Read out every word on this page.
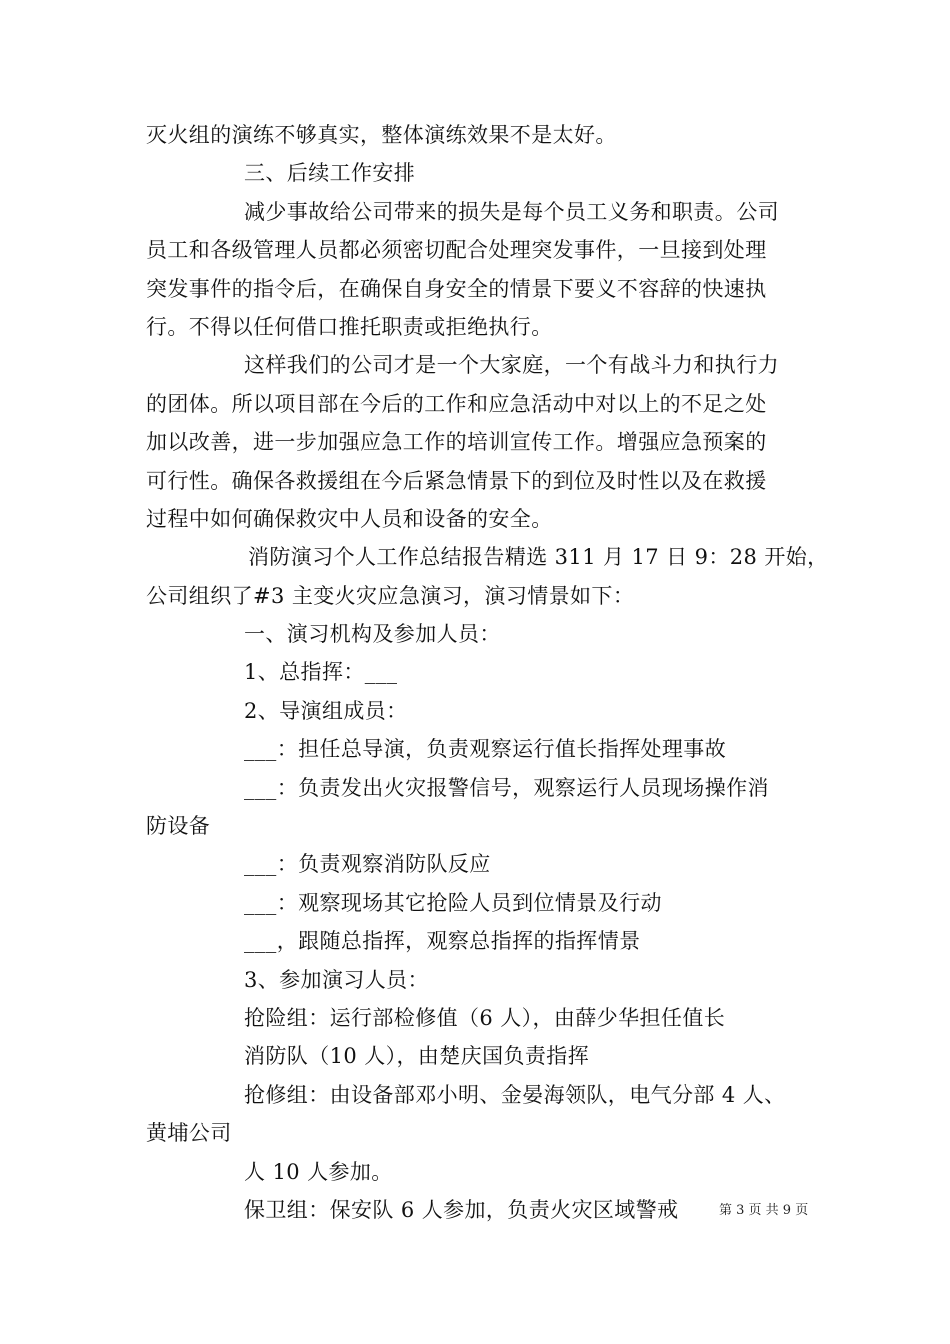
灭火组的演练不够真实，整体演练效果不是太好。
三、后续工作安排
减少事故给公司带来的损失是每个员工义务和职责。公司
员工和各级管理人员都必须密切配合处理突发事件，一旦接到处理
突发事件的指令后，在确保自身安全的情景下要义不容辞的快速执
行。不得以任何借口推托职责或拒绝执行。
这样我们的公司才是一个大家庭，一个有战斗力和执行力
的团体。所以项目部在今后的工作和应急活动中对以上的不足之处
加以改善，进一步加强应急工作的培训宣传工作。增强应急预案的
可行性。确保各救援组在今后紧急情景下的到位及时性以及在救援
过程中如何确保救灾中人员和设备的安全。
消防演习个人工作总结报告精选 311 月 17 日 9：28 开始，
公司组织了#3 主变火灾应急演习，演习情景如下：
一、演习机构及参加人员：
1、总指挥：___
2、导演组成员：
___：担任总导演，负责观察运行值长指挥处理事故
___：负责发出火灾报警信号，观察运行人员现场操作消
防设备
___：负责观察消防队反应
___：观察现场其它抢险人员到位情景及行动
___，跟随总指挥，观察总指挥的指挥情景
3、参加演习人员：
抢险组：运行部检修值（6 人），由薛少华担任值长
消防队（10 人），由楚庆国负责指挥
抢修组：由设备部邓小明、金晏海领队，电气分部 4 人、
黄埔公司
人 10 人参加。
保卫组：保安队 6 人参加，负责火灾区域警戒	第 3 页 共 9 页
